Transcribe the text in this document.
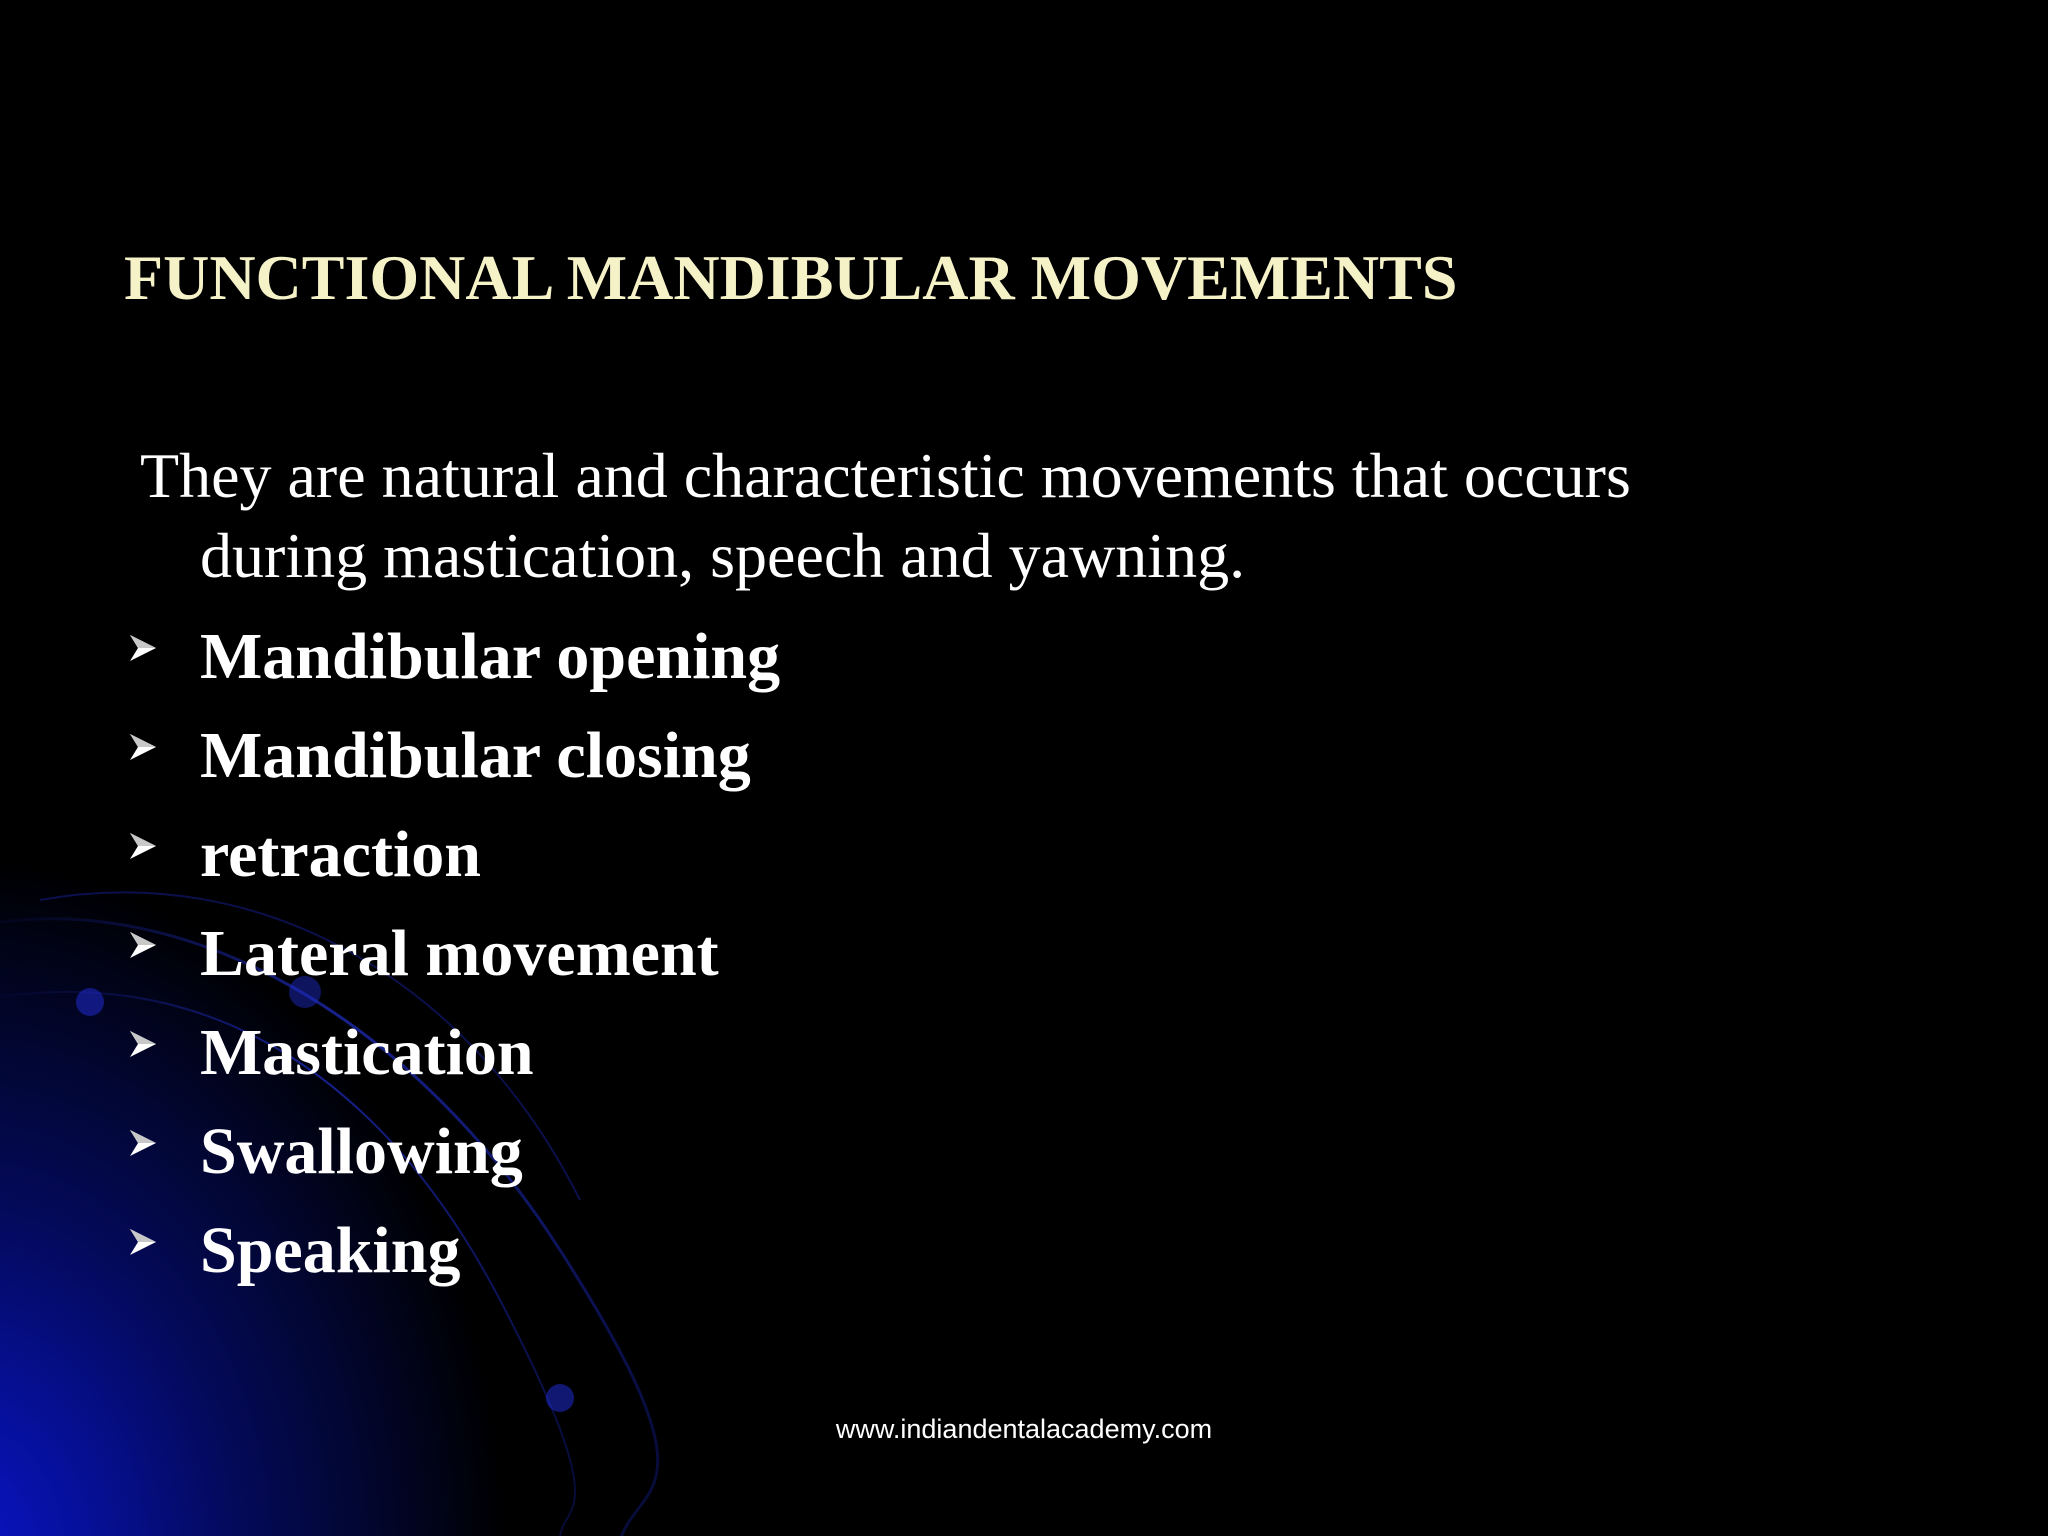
FUNCTIONAL MANDIBULAR MOVEMENTS

They are natural and characteristic movements that occurs
during mastication, speech and yawning.

Mandibular opening
Mandibular closing
retraction
Lateral movement
Mastication
Swallowing
Speaking
www.indiandentalacademy.com
